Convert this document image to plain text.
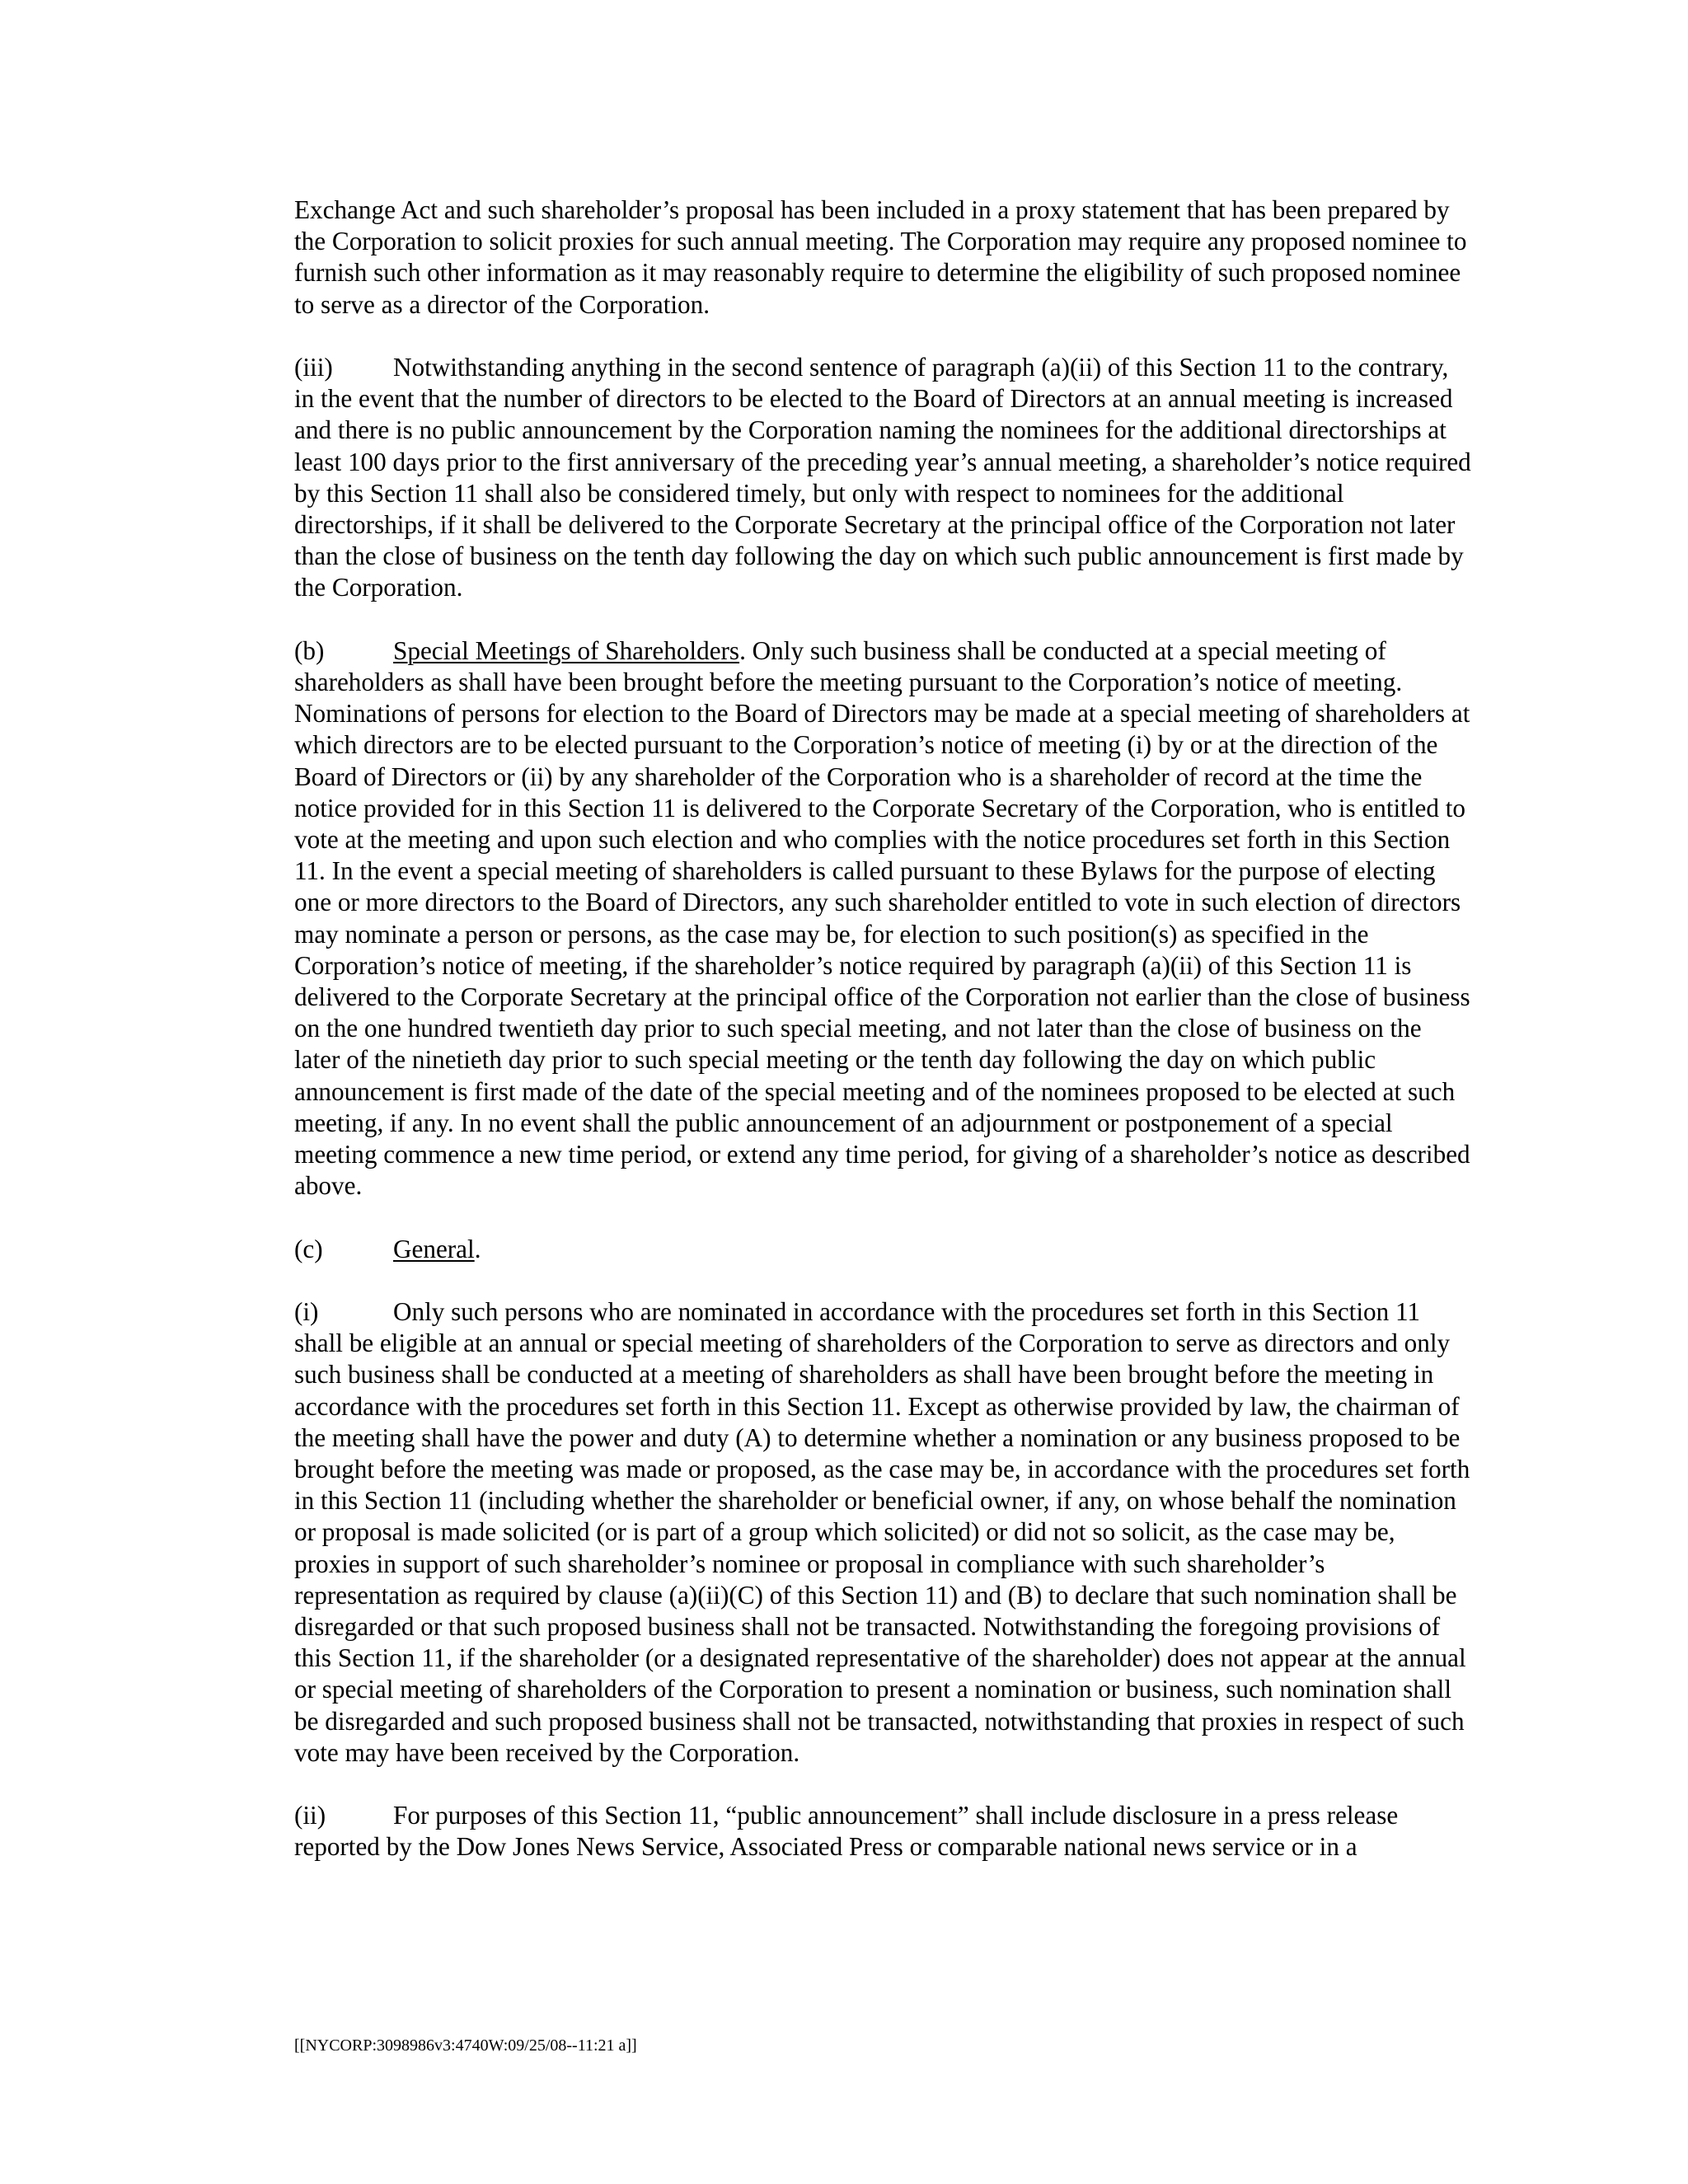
Exchange Act and such shareholder’s proposal has been included in a proxy statement that has been prepared by the Corporation to solicit proxies for such annual meeting. The Corporation may require any proposed nominee to furnish such other information as it may reasonably require to determine the eligibility of such proposed nominee to serve as a director of the Corporation.

(iii) Notwithstanding anything in the second sentence of paragraph (a)(ii) of this Section 11 to the contrary, in the event that the number of directors to be elected to the Board of Directors at an annual meeting is increased and there is no public announcement by the Corporation naming the nominees for the additional directorships at least 100 days prior to the first anniversary of the preceding year’s annual meeting, a shareholder’s notice required by this Section 11 shall also be considered timely, but only with respect to nominees for the additional directorships, if it shall be delivered to the Corporate Secretary at the principal office of the Corporation not later than the close of business on the tenth day following the day on which such public announcement is first made by the Corporation.

(b)	Special Meetings of Shareholders. Only such business shall be conducted at a special meeting of shareholders as shall have been brought before the meeting pursuant to the Corporation’s notice of meeting. Nominations of persons for election to the Board of Directors may be made at a special meeting of shareholders at which directors are to be elected pursuant to the Corporation’s notice of meeting (i) by or at the direction of the Board of Directors or (ii) by any shareholder of the Corporation who is a shareholder of record at the time the notice provided for in this Section 11 is delivered to the Corporate Secretary of the Corporation, who is entitled to vote at the meeting and upon such election and who complies with the notice procedures set forth in this Section 11. In the event a special meeting of shareholders is called pursuant to these Bylaws for the purpose of electing one or more directors to the Board of Directors, any such shareholder entitled to vote in such election of directors may nominate a person or persons, as the case may be, for election to such position(s) as specified in the Corporation’s notice of meeting, if the shareholder’s notice required by paragraph (a)(ii) of this Section 11 is delivered to the Corporate Secretary at the principal office of the Corporation not earlier than the close of business on the one hundred twentieth day prior to such special meeting, and not later than the close of business on the later of the ninetieth day prior to such special meeting or the tenth day following the day on which public announcement is first made of the date of the special meeting and of the nominees proposed to be elected at such meeting, if any. In no event shall the public announcement of an adjournment or postponement of a special meeting commence a new time period, or extend any time period, for giving of a shareholder’s notice as described above.

(c)	General.

(i)	Only such persons who are nominated in accordance with the procedures set forth in this Section 11 shall be eligible at an annual or special meeting of shareholders of the Corporation to serve as directors and only such business shall be conducted at a meeting of shareholders as shall have been brought before the meeting in accordance with the procedures set forth in this Section 11. Except as otherwise provided by law, the chairman of the meeting shall have the power and duty (A) to determine whether a nomination or any business proposed to be brought before the meeting was made or proposed, as the case may be, in accordance with the procedures set forth in this Section 11 (including whether the shareholder or beneficial owner, if any, on whose behalf the nomination or proposal is made solicited (or is part of a group which solicited) or did not so solicit, as the case may be, proxies in support of such shareholder’s nominee or proposal in compliance with such shareholder’s representation as required by clause (a)(ii)(C) of this Section 11) and (B) to declare that such nomination shall be disregarded or that such proposed business shall not be transacted. Notwithstanding the foregoing provisions of this Section 11, if the shareholder (or a designated representative of the shareholder) does not appear at the annual or special meeting of shareholders of the Corporation to present a nomination or business, such nomination shall be disregarded and such proposed business shall not be transacted, notwithstanding that proxies in respect of such vote may have been received by the Corporation.

(ii)	For purposes of this Section 11, “public announcement” shall include disclosure in a press release reported by the Dow Jones News Service, Associated Press or comparable national news service or in a

[[NYCORP:3098986v3:4740W:09/25/08--11:21 a]]
